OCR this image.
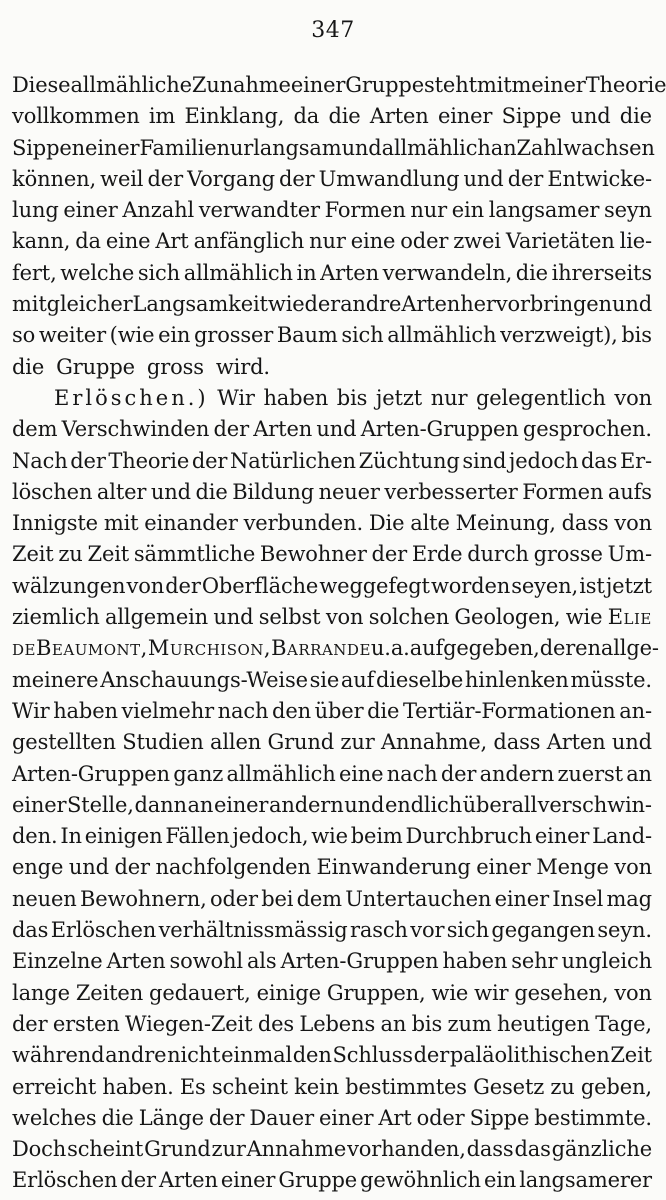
347
Diese allmähliche Zunahme einer Gruppe steht mit meiner Theorie
vollkommen im Einklang, da die Arten einer Sippe und die
Sippen einer Familie nur langsam und allmählich an Zahl wachsen
können, weil der Vorgang der Umwandlung und der Entwicke-
lung einer Anzahl verwandter Formen nur ein langsamer seyn
kann, da eine Art anfänglich nur eine oder zwei Varietäten lie-
fert, welche sich allmählich in Arten verwandeln, die ihrerseits
mit gleicher Langsamkeit wieder andre Arten hervorbringen und
so weiter (wie ein grosser Baum sich allmählich verzweigt), bis
die Gruppe gross wird.
Erlöschen.) Wir haben bis jetzt nur gelegentlich von
dem Verschwinden der Arten und Arten-Gruppen gesprochen.
Nach der Theorie der Natürlichen Züchtung sind jedoch das Er-
löschen alter und die Bildung neuer verbesserter Formen aufs
Innigste mit einander verbunden. Die alte Meinung, dass von
Zeit zu Zeit sämmtliche Bewohner der Erde durch grosse Um-
wälzungen von der Oberfläche weggefegt worden seyen, ist jetzt
ziemlich allgemein und selbst von solchen Geologen, wie Elie
de Beaumont, Murchison, Barrande u. a. aufgegeben, deren allge-
meinere Anschauungs-Weise sie auf dieselbe hinlenken müsste.
Wir haben vielmehr nach den über die Tertiär-Formationen an-
gestellten Studien allen Grund zur Annahme, dass Arten und
Arten-Gruppen ganz allmählich eine nach der andern zuerst an
einer Stelle, dann an einer andern und endlich überall verschwin-
den. In einigen Fällen jedoch, wie beim Durchbruch einer Land-
enge und der nachfolgenden Einwanderung einer Menge von
neuen Bewohnern, oder bei dem Untertauchen einer Insel mag
das Erlöschen verhältnissmässig rasch vor sich gegangen seyn.
Einzelne Arten sowohl als Arten-Gruppen haben sehr ungleich
lange Zeiten gedauert, einige Gruppen, wie wir gesehen, von
der ersten Wiegen-Zeit des Lebens an bis zum heutigen Tage,
während andre nicht einmal den Schluss der paläolithischen Zeit
erreicht haben. Es scheint kein bestimmtes Gesetz zu geben,
welches die Länge der Dauer einer Art oder Sippe bestimmte.
Doch scheint Grund zur Annahme vorhanden, dass das gänzliche
Erlöschen der Arten einer Gruppe gewöhnlich ein langsamerer
